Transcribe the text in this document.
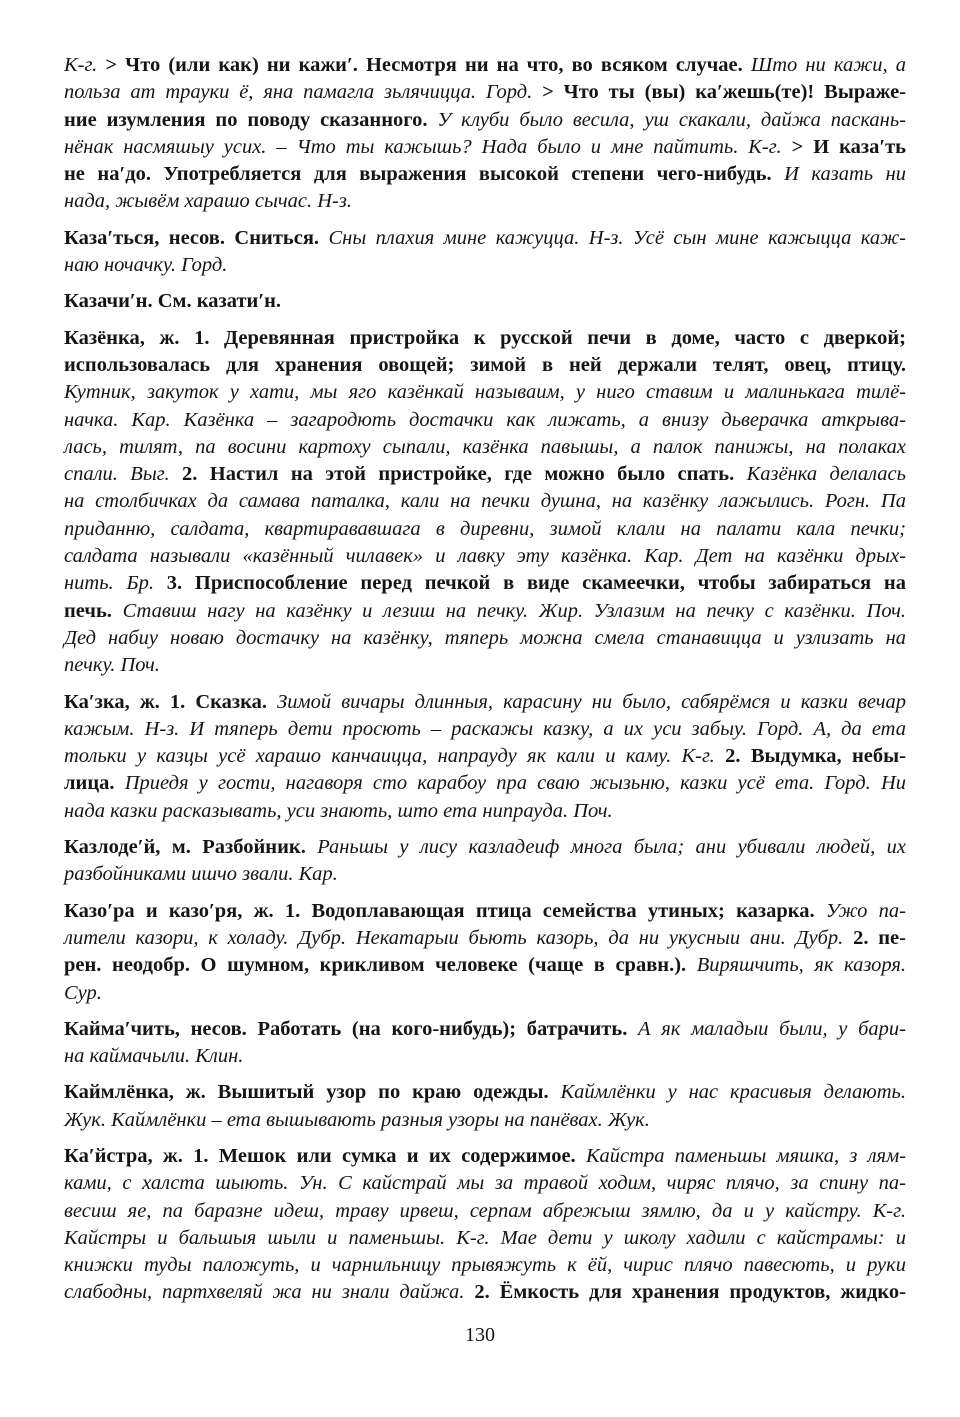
К-г. > Что (или как) ни кажи′. Несмотря ни на что, во всяком случае. Што ни кажи, а
польза ат трауки ё, яна памагла зьлячицца. Горд. > Что ты (вы) ка′жешь(те)! Выраже-
ние изумления по поводу сказанного. У клуби было весила, уш скакали, дайжа паскань-
нёнак насмяшыу усих. – Что ты кажышь? Нада было и мне пайтить. К-г. > И каза′ть
не на′до. Употребляется для выражения высокой степени чего-нибудь. И казать ни
нада, жывём харашо сычас. Н-з.
Каза′ться, несов. Сниться. Сны плахия мине кажуцца. Н-з. Усё сын мине кажыцца каж-
наю ночачку. Горд.
Казачи′н. См. казати′н.
Казёнка, ж. 1. Деревянная пристройка к русской печи в доме, часто с дверкой;
использовалась для хранения овощей; зимой в ней держали телят, овец, птицу.
Кутник, закуток у хати, мы яго казёнкай называим, у ниго ставим и малинькага тилё-
начка. Кар. Казёнка – загародють достачки как лижать, а внизу дьверачка аткрыва-
лась, тилят, па восини картоху сыпали, казёнка павышы, а палок панижы, на полаках
спали. Выг. 2. Настил на этой пристройке, где можно было спать. Казёнка делалась
на столбичках да самава паталка, кали на печки душна, на казёнку лажылись. Рогн. Па
приданню, салдата, квартирававшага в диревни, зимой клали на палати кала печки;
салдата называли «казённый чилавек» и лавку эту казёнка. Кар. Дет на казёнки дрых-
нить. Бр. 3. Приспособление перед печкой в виде скамеечки, чтобы забираться на
печь. Ставиш нагу на казёнку и лезиш на печку. Жир. Узлазим на печку с казёнки. Поч.
Дед набиу новаю достачку на казёнку, тяперь можна смела станавицца и узлизать на
печку. Поч.
Ка′зка, ж. 1. Сказка. Зимой вичары длинныя, карасину ни было, сабярёмся и казки вечар
кажым. Н-з. И тяперь дети просють – раскажы казку, а их уси забыу. Горд. А, да ета
тольки у казцы усё харашо канчаицца, напрауду як кали и каму. К-г. 2. Выдумка, небы-
лица. Приедя у гости, нагаворя сто карабоу пра сваю жызьню, казки усё ета. Горд. Ни
нада казки расказывать, уси знають, што ета нипрауда. Поч.
Казлоде′й, м. Разбойник. Раньшы у лису казладеиф многа была; ани убивали людей, их
разбойниками ишчо звали. Кар.
Казо′ра и казо′ря, ж. 1. Водоплавающая птица семейства утиных; казарка. Ужо па-
лители казори, к холаду. Дубр. Некатарыи бьють казорь, да ни укусныи ани. Дубр. 2. пе-
рен. неодобр. О шумном, крикливом человеке (чаще в сравн.). Виряшчить, як казоря.
Сур.
Кайма′чить, несов. Работать (на кого-нибудь); батрачить. А як маладыи были, у бари-
на каймачыли. Клин.
Каймлёнка, ж. Вышитый узор по краю одежды. Каймлёнки у нас красивыя делають.
Жук. Каймлёнки – ета вышывають разныя узоры на панёвах. Жук.
Ка′йстра, ж. 1. Мешок или сумка и их содержимое. Кайстра паменьшы мяшка, з лям-
ками, с халста шыють. Ун. С кайстрай мы за травой ходим, чиряс плячо, за спину па-
весиш яе, па баразне идеш, траву ирвеш, серпам абрежыш зямлю, да и у кайстру. К-г.
Кайстры и бальшыя шыли и паменьшы. К-г. Мае дети у школу хадили с кайстрамы: и
книжки туды паложуть, и чарнильницу прывяжуть к ёй, чирис плячо павесють, и руки
слабодны, партхвеляй жа ни знали дайжа. 2. Ёмкость для хранения продуктов, жидко-
130
